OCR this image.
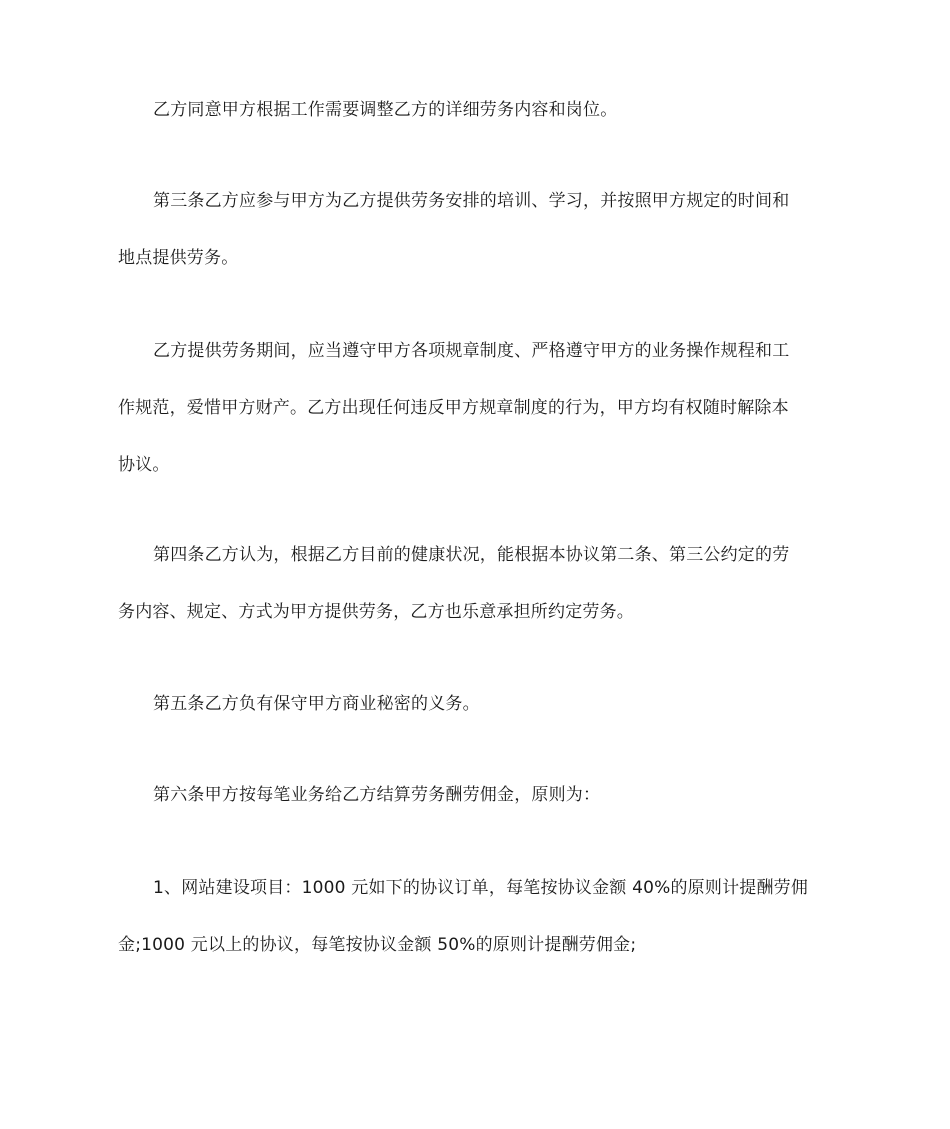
乙方同意甲方根据工作需要调整乙方的详细劳务内容和岗位。
第三条乙方应参与甲方为乙方提供劳务安排的培训、学习，并按照甲方规定的时间和
地点提供劳务。
乙方提供劳务期间，应当遵守甲方各项规章制度、严格遵守甲方的业务操作规程和工
作规范，爱惜甲方财产。乙方出现任何违反甲方规章制度的行为，甲方均有权随时解除本
协议。
第四条乙方认为，根据乙方目前的健康状况，能根据本协议第二条、第三公约定的劳
务内容、规定、方式为甲方提供劳务，乙方也乐意承担所约定劳务。
第五条乙方负有保守甲方商业秘密的义务。
第六条甲方按每笔业务给乙方结算劳务酬劳佣金，原则为：
1、网站建设项目：1000 元如下的协议订单，每笔按协议金额 40%的原则计提酬劳佣
金;1000 元以上的协议，每笔按协议金额 50%的原则计提酬劳佣金;
